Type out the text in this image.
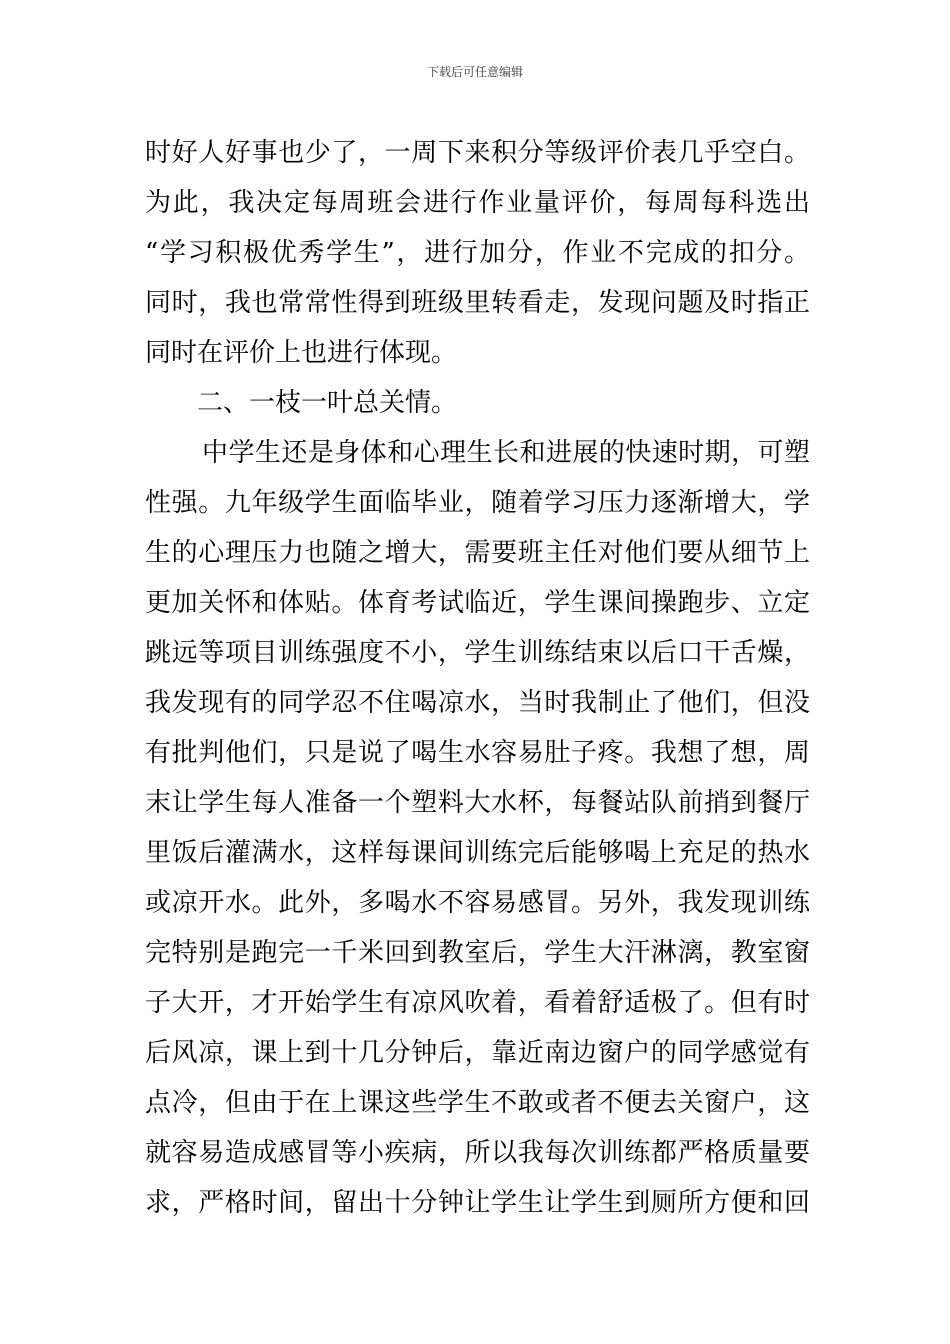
下载后可任意编辑
时好人好事也少了，一周下来积分等级评价表几乎空白。
为此，我决定每周班会进行作业量评价，每周每科选出
“学习积极优秀学生”，进行加分，作业不完成的扣分。
同时，我也常常性得到班级里转看走，发现问题及时指正
同时在评价上也进行体现。
二、一枝一叶总关情。
中学生还是身体和心理生长和进展的快速时期，可塑
性强。九年级学生面临毕业，随着学习压力逐渐增大，学
生的心理压力也随之增大，需要班主任对他们要从细节上
更加关怀和体贴。体育考试临近，学生课间操跑步、立定
跳远等项目训练强度不小，学生训练结束以后口干舌燥，
我发现有的同学忍不住喝凉水，当时我制止了他们，但没
有批判他们，只是说了喝生水容易肚子疼。我想了想，周
末让学生每人准备一个塑料大水杯，每餐站队前捎到餐厅
里饭后灌满水，这样每课间训练完后能够喝上充足的热水
或凉开水。此外，多喝水不容易感冒。另外，我发现训练
完特别是跑完一千米回到教室后，学生大汗淋漓，教室窗
子大开，才开始学生有凉风吹着，看着舒适极了。但有时
后风凉，课上到十几分钟后，靠近南边窗户的同学感觉有
点冷，但由于在上课这些学生不敢或者不便去关窗户，这
就容易造成感冒等小疾病，所以我每次训练都严格质量要
求，严格时间，留出十分钟让学生让学生到厕所方便和回
